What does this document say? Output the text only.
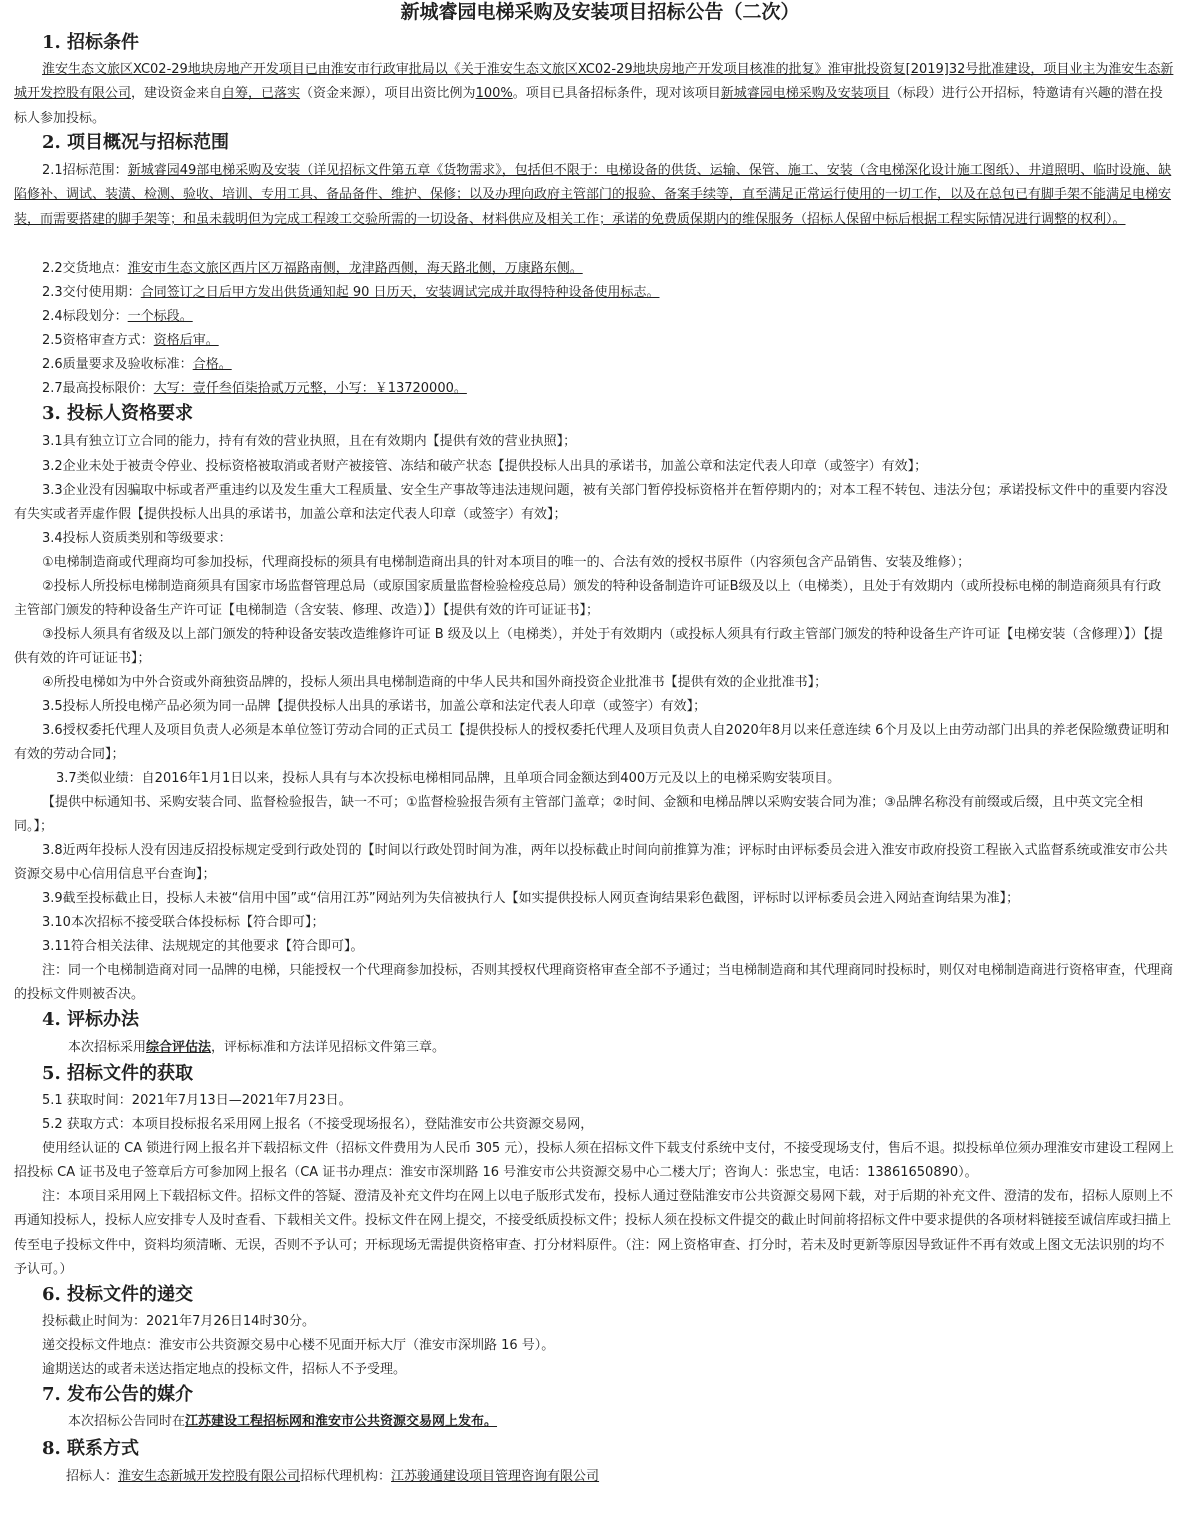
新城睿园电梯采购及安装项目招标公告（二次）
1. 招标条件
淮安生态文旅区XC02-29地块房地产开发项目已由淮安市行政审批局以《关于淮安生态文旅区XC02-29地块房地产开发项目核准的批复》淮审批投资复[2019]32号批准建设，项目业主为淮安生态新城开发控股有限公司，建设资金来自自筹，已落实（资金来源），项目出资比例为100%。项目已具备招标条件，现对该项目新城睿园电梯采购及安装项目（标段）进行公开招标，特邀请有兴趣的潜在投标人参加投标。
2. 项目概况与招标范围
2.1招标范围：新城睿园49部电梯采购及安装（详见招标文件第五章《货物需求》，包括但不限于：电梯设备的供货、运输、保管、施工、安装（含电梯深化设计施工图纸）、井道照明、临时设施、缺陷修补、调试、装潢、检测、验收、培训、专用工具、备品备件、维护、保修；以及办理向政府主管部门的报验、备案手续等，直至满足正常运行使用的一切工作，以及在总包已有脚手架不能满足电梯安装，而需要搭建的脚手架等；和虽未载明但为完成工程竣工交验所需的一切设备、材料供应及相关工作；承诺的免费质保期内的维保服务（招标人保留中标后根据工程实际情况进行调整的权利）。
2.2交货地点：淮安市生态文旅区西片区万福路南侧，龙津路西侧，海天路北侧，万康路东侧。
2.3交付使用期：合同签订之日后甲方发出供货通知起 90 日历天，安装调试完成并取得特种设备使用标志。
2.4标段划分：一个标段。
2.5资格审查方式：资格后审。
2.6质量要求及验收标准：合格。
2.7最高投标限价：大写：壹仟叁佰柒拾贰万元整，小写：￥13720000。
3. 投标人资格要求
3.1具有独立订立合同的能力，持有有效的营业执照，且在有效期内【提供有效的营业执照】；
3.2企业未处于被责令停业、投标资格被取消或者财产被接管、冻结和破产状态【提供投标人出具的承诺书，加盖公章和法定代表人印章（或签字）有效】；
3.3企业没有因骗取中标或者严重违约以及发生重大工程质量、安全生产事故等违法违规问题，被有关部门暂停投标资格并在暂停期内的；对本工程不转包、违法分包；承诺投标文件中的重要内容没有失实或者弄虚作假【提供投标人出具的承诺书，加盖公章和法定代表人印章（或签字）有效】；
3.4投标人资质类别和等级要求：
①电梯制造商或代理商均可参加投标，代理商投标的须具有电梯制造商出具的针对本项目的唯一的、合法有效的授权书原件（内容须包含产品销售、安装及维修）；
②投标人所投标电梯制造商须具有国家市场监督管理总局（或原国家质量监督检验检疫总局）颁发的特种设备制造许可证B级及以上（电梯类），且处于有效期内（或所投标电梯的制造商须具有行政主管部门颁发的特种设备生产许可证【电梯制造（含安装、修理、改造）】）【提供有效的许可证证书】；
③投标人须具有省级及以上部门颁发的特种设备安装改造维修许可证 B 级及以上（电梯类），并处于有效期内（或投标人须具有行政主管部门颁发的特种设备生产许可证【电梯安装（含修理）】）【提供有效的许可证证书】；
④所投电梯如为中外合资或外商独资品牌的，投标人须出具电梯制造商的中华人民共和国外商投资企业批准书【提供有效的企业批准书】；
3.5投标人所投电梯产品必须为同一品牌【提供投标人出具的承诺书，加盖公章和法定代表人印章（或签字）有效】；
3.6授权委托代理人及项目负责人必须是本单位签订劳动合同的正式员工【提供投标人的授权委托代理人及项目负责人自2020年8月以来任意连续 6个月及以上由劳动部门出具的养老保险缴费证明和有效的劳动合同】；
3.7类似业绩：自2016年1月1日以来，投标人具有与本次投标电梯相同品牌，且单项合同金额达到400万元及以上的电梯采购安装项目。
【提供中标通知书、采购安装合同、监督检验报告，缺一不可；①监督检验报告须有主管部门盖章；②时间、金额和电梯品牌以采购安装合同为准；③品牌名称没有前缀或后缀，且中英文完全相同。】；
3.8近两年投标人没有因违反招投标规定受到行政处罚的【时间以行政处罚时间为准，两年以投标截止时间向前推算为准；评标时由评标委员会进入淮安市政府投资工程嵌入式监督系统或淮安市公共资源交易中心信用信息平台查询】；
3.9截至投标截止日，投标人未被“信用中国”或“信用江苏”网站列为失信被执行人【如实提供投标人网页查询结果彩色截图，评标时以评标委员会进入网站查询结果为准】；
3.10本次招标不接受联合体投标标【符合即可】；
3.11符合相关法律、法规规定的其他要求【符合即可】。
注：同一个电梯制造商对同一品牌的电梯，只能授权一个代理商参加投标，否则其授权代理商资格审查全部不予通过；当电梯制造商和其代理商同时投标时，则仅对电梯制造商进行资格审查，代理商的投标文件则被否决。
4. 评标办法
本次招标采用综合评估法，评标标准和方法详见招标文件第三章。
5. 招标文件的获取
5.1 获取时间：2021年7月13日—2021年7月23日。
5.2 获取方式：本项目投标报名采用网上报名（不接受现场报名），登陆淮安市公共资源交易网，
使用经认证的 CA 锁进行网上报名并下载招标文件（招标文件费用为人民币 305 元），投标人须在招标文件下载支付系统中支付，不接受现场支付，售后不退。拟投标单位须办理淮安市建设工程网上招投标 CA 证书及电子签章后方可参加网上报名（CA 证书办理点：淮安市深圳路 16 号淮安市公共资源交易中心二楼大厅；咨询人：张忠宝，电话：13861650890）。
注：本项目采用网上下载招标文件。招标文件的答疑、澄清及补充文件均在网上以电子版形式发布，投标人通过登陆淮安市公共资源交易网下载，对于后期的补充文件、澄清的发布，招标人原则上不再通知投标人，投标人应安排专人及时查看、下载相关文件。投标文件在网上提交，不接受纸质投标文件；投标人须在投标文件提交的截止时间前将招标文件中要求提供的各项材料链接至诚信库或扫描上传至电子投标文件中，资料均须清晰、无误，否则不予认可；开标现场无需提供资格审查、打分材料原件。（注：网上资格审查、打分时，若未及时更新等原因导致证件不再有效或上图文无法识别的均不予认可。）
6. 投标文件的递交
投标截止时间为：2021年7月26日14时30分。
递交投标文件地点：淮安市公共资源交易中心楼不见面开标大厅（淮安市深圳路 16 号）。
逾期送达的或者未送达指定地点的投标文件，招标人不予受理。
7. 发布公告的媒介
本次招标公告同时在江苏建设工程招标网和淮安市公共资源交易网上发布。
8. 联系方式
招标人：淮安生态新城开发控股有限公司招标代理机构：江苏骏通建设项目管理咨询有限公司
